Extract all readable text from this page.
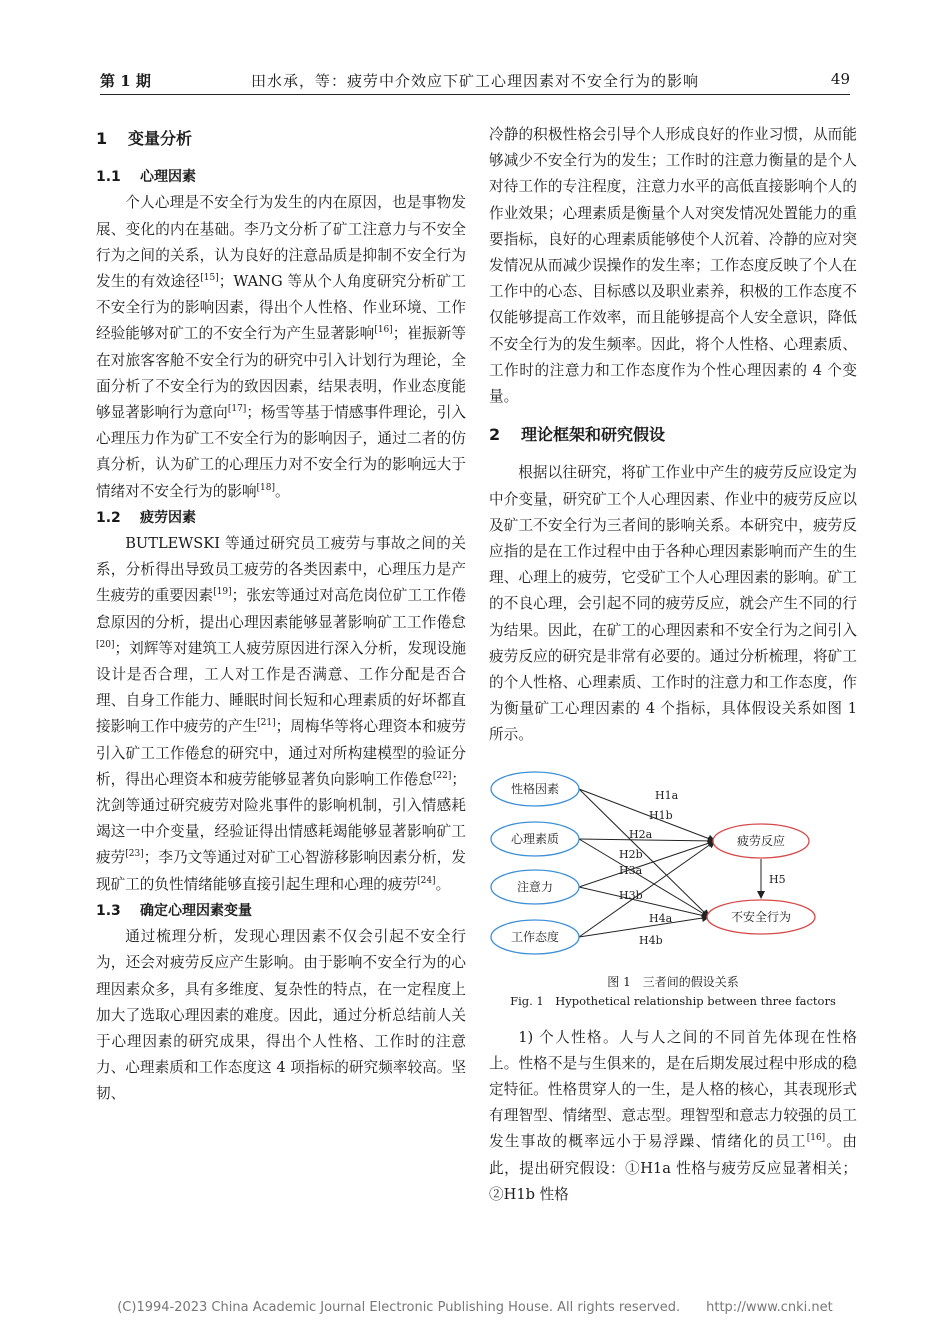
第 1 期	田水承，等：疲劳中介效应下矿工心理因素对不安全行为的影响	49
1 变量分析
1.1 心理因素

个人心理是不安全行为发生的内在原因，也是事物发展、变化的内在基础。李乃文分析了矿工注意力与不安全行为之间的关系，认为良好的注意品质是抑制不安全行为发生的有效途径[15]；WANG 等从个人角度研究分析矿工不安全行为的影响因素，得出个人性格、作业环境、工作经验能够对矿工的不安全行为产生显著影响[16]；崔振新等在对旅客客舱不安全行为的研究中引入计划行为理论，全面分析了不安全行为的致因因素，结果表明，作业态度能够显著影响行为意向[17]；杨雪等基于情感事件理论，引入心理压力作为矿工不安全行为的影响因子，通过二者的仿真分析，认为矿工的心理压力对不安全行为的影响远大于情绪对不安全行为的影响[18]。

1.2 疲劳因素

BUTLEWSKI 等通过研究员工疲劳与事故之间的关系，分析得出导致员工疲劳的各类因素中，心理压力是产生疲劳的重要因素[19]；张宏等通过对高危岗位矿工工作倦怠原因的分析，提出心理因素能够显著影响矿工工作倦怠[20]；刘辉等对建筑工人疲劳原因进行深入分析，发现设施设计是否合理，工人对工作是否满意、工作分配是否合理、自身工作能力、睡眠时间长短和心理素质的好坏都直接影响工作中疲劳的产生[21]；周梅华等将心理资本和疲劳引入矿工工作倦怠的研究中，通过对所构建模型的验证分析，得出心理资本和疲劳能够显著负向影响工作倦怠[22]；沈剑等通过研究疲劳对险兆事件的影响机制，引入情感耗竭这一中介变量，经验证得出情感耗竭能够显著影响矿工疲劳[23]；李乃文等通过对矿工心智游移影响因素分析，发现矿工的负性情绪能够直接引起生理和心理的疲劳[24]。

1.3 确定心理因素变量

通过梳理分析，发现心理因素不仅会引起不安全行为，还会对疲劳反应产生影响。由于影响不安全行为的心理因素众多，具有多维度、复杂性的特点，在一定程度上加大了选取心理因素的难度。因此，通过分析总结前人关于心理因素的研究成果，得出个人性格、工作时的注意力、心理素质和工作态度这 4 项指标的研究频率较高。坚韧、

冷静的积极性格会引导个人形成良好的作业习惯，从而能够减少不安全行为的发生；工作时的注意力衡量的是个人对待工作的专注程度，注意力水平的高低直接影响个人的作业效果；心理素质是衡量个人对突发情况处置能力的重要指标，良好的心理素质能够使个人沉着、冷静的应对突发情况从而减少误操作的发生率；工作态度反映了个人在工作中的心态、目标感以及职业素养，积极的工作态度不仅能够提高工作效率，而且能够提高个人安全意识，降低不安全行为的发生频率。因此，将个人性格、心理素质、工作时的注意力和工作态度作为个性心理因素的 4 个变量。

2 理论框架和研究假设

根据以往研究，将矿工作业中产生的疲劳反应设定为中介变量，研究矿工个人心理因素、作业中的疲劳反应以及矿工不安全行为三者间的影响关系。本研究中，疲劳反应指的是在工作过程中由于各种心理因素影响而产生的生理、心理上的疲劳，它受矿工个人心理因素的影响。矿工的不良心理，会引起不同的疲劳反应，就会产生不同的行为结果。因此，在矿工的心理因素和不安全行为之间引入疲劳反应的研究是非常有必要的。通过分析梳理，将矿工的个人性格、心理素质、工作时的注意力和工作态度，作为衡量矿工心理因素的 4 个指标，具体假设关系如图 1 所示。

性格因素
心理素质
注意力
工作态度
疲劳反应
不安全行为
H1a
H1b
H2a
H2b
H3a
H3b
H4a
H4b
H5
图 1　三者间的假设关系
Fig. 1　Hypothetical relationship between three factors

1) 个人性格。人与人之间的不同首先体现在性格上。性格不是与生俱来的，是在后期发展过程中形成的稳定特征。性格贯穿人的一生，是人格的核心，其表现形式有理智型、情绪型、意志型。理智型和意志力较强的员工发生事故的概率远小于易浮躁、情绪化的员工[16]。由此，提出研究假设：①H1a 性格与疲劳反应显著相关；②H1b 性格

(C)1994-2023 China Academic Journal Electronic Publishing House. All rights reserved.　　http://www.cnki.net
